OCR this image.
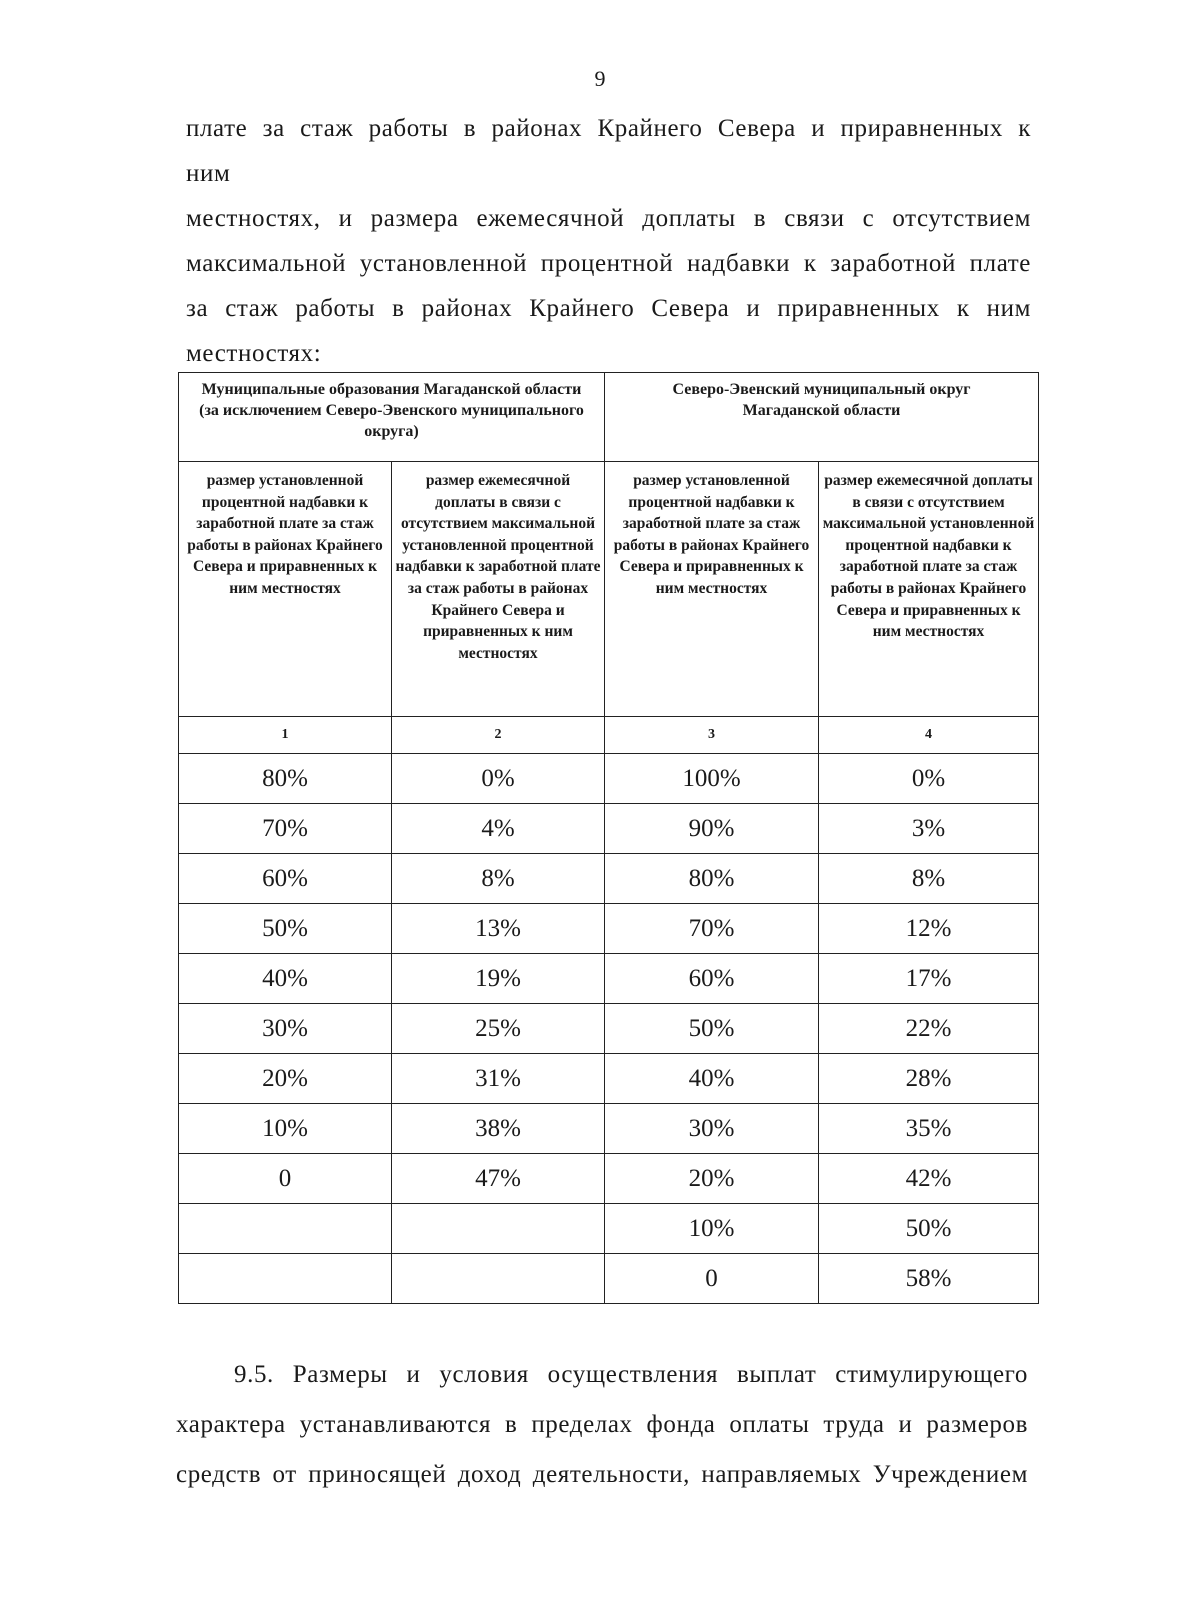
9
плате за стаж работы в районах Крайнего Севера и приравненных к ним
местностях, и размера ежемесячной доплаты в связи с отсутствием
максимальной установленной процентной надбавки к заработной плате
за стаж работы в районах Крайнего Севера и приравненных к ним
местностях:
Муниципальные образования Магаданской области (за исключением Северо-Эвенского муниципального округа)		Северо-Эвенский муниципальный округ Магаданской области	
размер установленной процентной надбавки к заработной плате за стаж работы в районах Крайнего Севера и приравненных к ним местностях	размер ежемесячной доплаты в связи с отсутствием максимальной установленной процентной надбавки к заработной плате за стаж работы в районах Крайнего Севера и приравненных к ним местностях	размер установленной процентной надбавки к заработной плате за стаж работы в районах Крайнего Севера и приравненных к ним местностях	размер ежемесячной доплаты в связи с отсутствием максимальной установленной процентной надбавки к заработной плате за стаж работы в районах Крайнего Севера и приравненных к ним местностях
1	2	3	4
80%	0%	100%	0%
70%	4%	90%	3%
60%	8%	80%	8%
50%	13%	70%	12%
40%	19%	60%	17%
30%	25%	50%	22%
20%	31%	40%	28%
10%	38%	30%	35%
0	47%	20%	42%
		10%	50%
		0	58%
9.5. Размеры и условия осуществления выплат стимулирующего
характера устанавливаются в пределах фонда оплаты труда и размеров
средств от приносящей доход деятельности, направляемых Учреждением
